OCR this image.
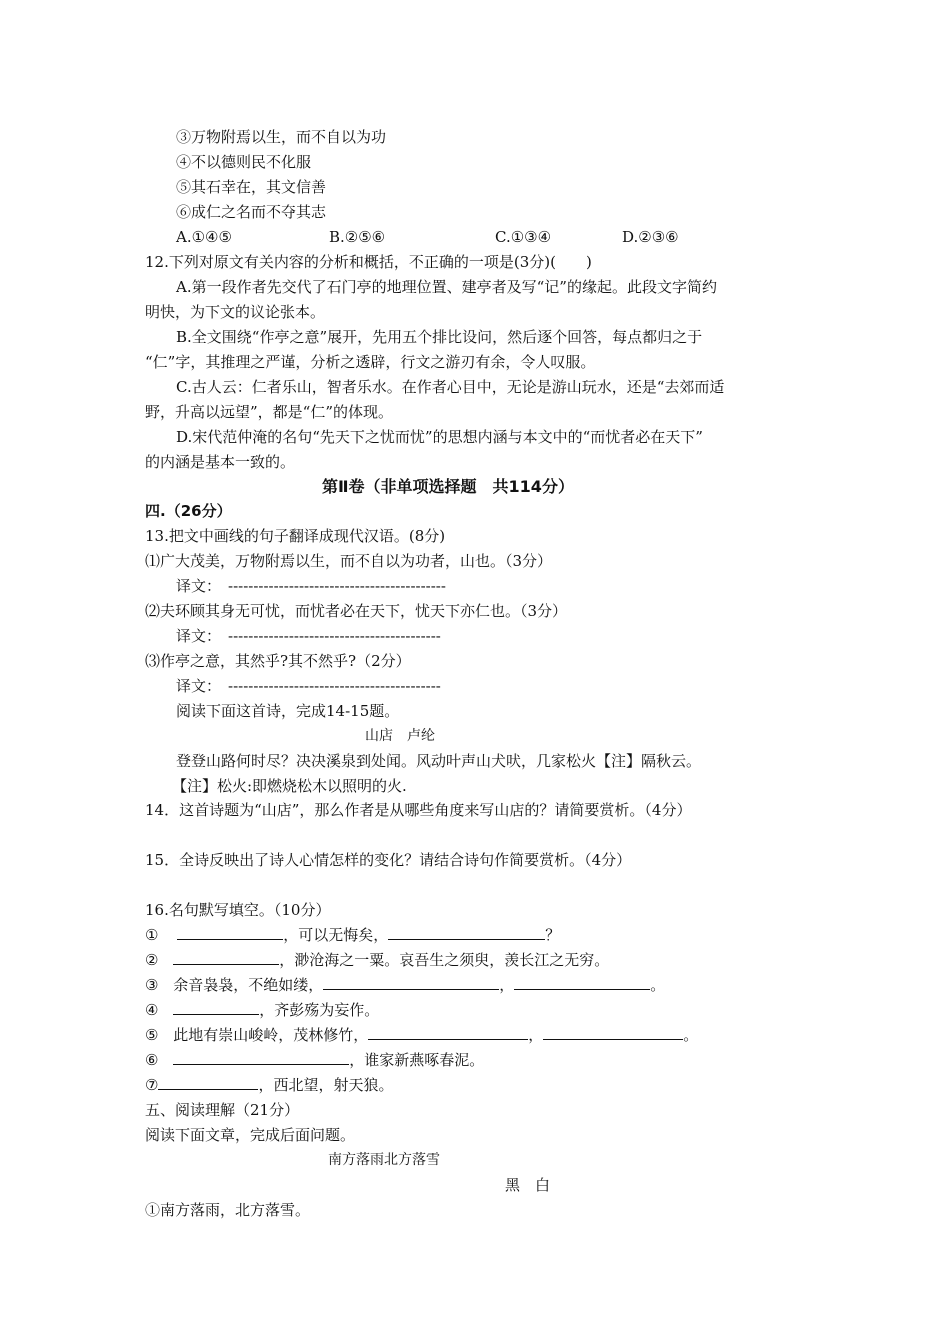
③万物附焉以生，而不自以为功
④不以德则民不化服
⑤其石幸在，其文信善
⑥成仁之名而不夺其志
A.①④⑤	B.②⑤⑥	C.①③④	D.②③⑥
12.下列对原文有关内容的分析和概括，不正确的一项是(3分)(　　)
A.第一段作者先交代了石门亭的地理位置、建亭者及写“记”的缘起。此段文字简约
明快，为下文的议论张本。
B.全文围绕“作亭之意”展开，先用五个排比设问，然后逐个回答，每点都归之于
“仁”字，其推理之严谨，分析之透辟，行文之游刃有余，令人叹服。
C.古人云：仁者乐山，智者乐水。在作者心目中，无论是游山玩水，还是“去郊而适
野，升高以远望”，都是“仁”的体现。
D.宋代范仲淹的名句“先天下之忧而忧”的思想内涵与本文中的“而忧者必在天下”
的内涵是基本一致的。
第Ⅱ卷（非单项选择题　共114分）
四.（26分）
13.把文中画线的句子翻译成现代汉语。(8分)
⑴广大茂美，万物附焉以生，而不自以为功者，山也。（3分）
译文： -------------------------------------------
⑵夫环顾其身无可忧，而忧者必在天下，忧天下亦仁也。（3分）
译文： ------------------------------------------
⑶作亭之意，其然乎?其不然乎?（2分）
译文： ------------------------------------------
阅读下面这首诗，完成14-15题。
山店　卢纶
登登山路何时尽？决决溪泉到处闻。风动叶声山犬吠，几家松火【注】隔秋云。
【注】松火:即燃烧松木以照明的火.
14．这首诗题为“山店”，那么作者是从哪些角度来写山店的？请简要赏析。（4分）
15．全诗反映出了诗人心情怎样的变化？请结合诗句作简要赏析。（4分）
16.名句默写填空。（10分）
①	，可以无悔矣，	？
②	，渺沧海之一粟。哀吾生之须臾，羡长江之无穷。
③ 余音袅袅，不绝如缕，	，	。
④	，齐彭殇为妄作。
⑤ 此地有崇山峻岭，茂林修竹，	，	。
⑥	，谁家新燕啄春泥。
⑦	，西北望，射天狼。
五、阅读理解（21分）
阅读下面文章，完成后面问题。
南方落雨北方落雪
黑　白
①南方落雨，北方落雪。
